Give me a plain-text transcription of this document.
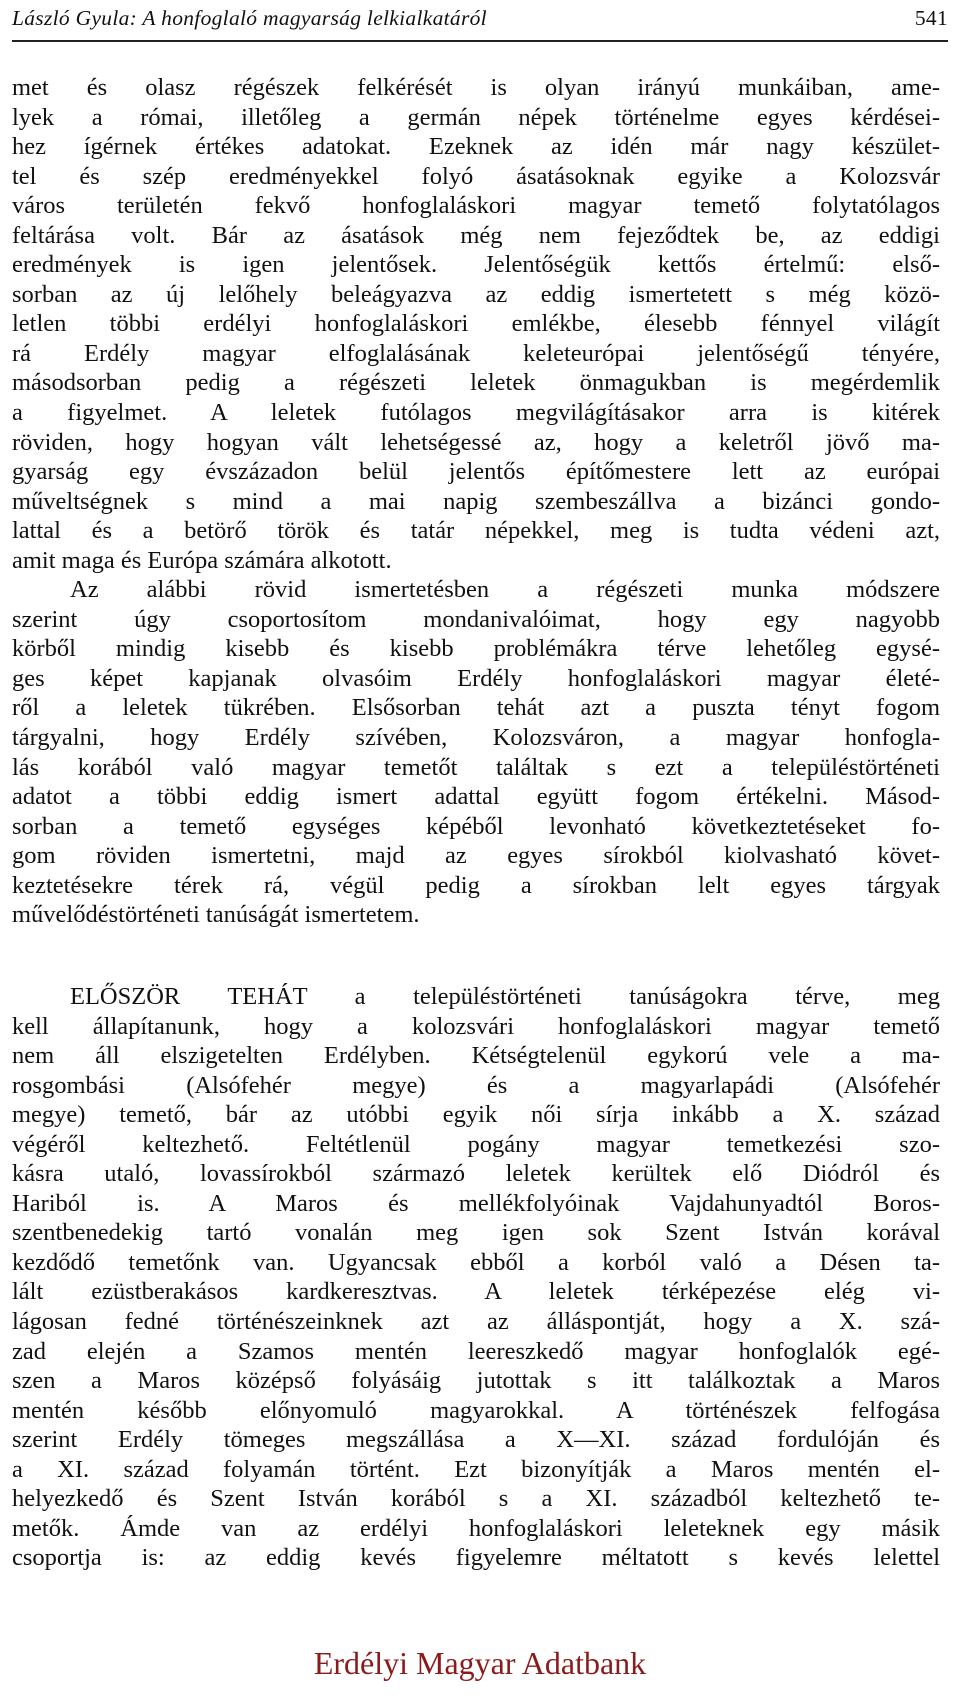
László Gyula: A honfoglaló magyarság lelkialkatáról	541
met és olasz régészek felkérését is olyan irányú munkáiban, ame-
lyek a római, illetőleg a germán népek történelme egyes kérdései-
hez ígérnek értékes adatokat. Ezeknek az idén már nagy készület-
tel és szép eredményekkel folyó ásatásoknak egyike a Kolozsvár
város területén fekvő honfoglaláskori magyar temető folytatólagos
feltárása volt. Bár az ásatások még nem fejeződtek be, az eddigi
eredmények is igen jelentősek. Jelentőségük kettős értelmű: első-
sorban az új lelőhely beleágyazva az eddig ismertetett s még közö-
letlen többi erdélyi honfoglaláskori emlékbe, élesebb fénnyel világít
rá Erdély magyar elfoglalásának keleteurópai jelentőségű tényére,
másodsorban pedig a régészeti leletek önmagukban is megérdemlik
a figyelmet. A leletek futólagos megvilágításakor arra is kitérek
röviden, hogy hogyan vált lehetségessé az, hogy a keletről jövő ma-
gyarság egy évszázadon belül jelentős építőmestere lett az európai
műveltségnek s mind a mai napig szembeszállva a bizánci gondo-
lattal és a betörő török és tatár népekkel, meg is tudta védeni azt,
amit maga és Európa számára alkotott.
Az alábbi rövid ismertetésben a régészeti munka módszere
szerint úgy csoportosítom mondanivalóimat, hogy egy nagyobb
körből mindig kisebb és kisebb problémákra térve lehetőleg egysé-
ges képet kapjanak olvasóim Erdély honfoglaláskori magyar életé-
ről a leletek tükrében. Elsősorban tehát azt a puszta tényt fogom
tárgyalni, hogy Erdély szívében, Kolozsváron, a magyar honfogla-
lás korából való magyar temetőt találtak s ezt a településtörténeti
adatot a többi eddig ismert adattal együtt fogom értékelni. Másod-
sorban a temető egységes képéből levonható következtetéseket fo-
gom röviden ismertetni, majd az egyes sírokból kiolvasható követ-
keztetésekre térek rá, végül pedig a sírokban lelt egyes tárgyak
művelődéstörténeti tanúságát ismertetem.
ELŐSZÖR TEHÁT a településtörténeti tanúságokra térve, meg
kell állapítanunk, hogy a kolozsvári honfoglaláskori magyar temető
nem áll elszigetelten Erdélyben. Kétségtelenül egykorú vele a ma-
rosgombási (Alsófehér megye) és a magyarlapádi (Alsófehér
megye) temető, bár az utóbbi egyik női sírja inkább a X. század
végéről keltezhető. Feltétlenül pogány magyar temetkezési szo-
kásra utaló, lovassírokból származó leletek kerültek elő Diódról és
Hariból is. A Maros és mellékfolyóinak Vajdahunyadtól Boros-
szentbenedekig tartó vonalán meg igen sok Szent István korával
kezdődő temetőnk van. Ugyancsak ebből a korból való a Désen ta-
lált ezüstberakásos kardkeresztvas. A leletek térképezése elég vi-
lágosan fedné történészeinknek azt az álláspontját, hogy a X. szá-
zad elején a Szamos mentén leereszkedő magyar honfoglalók egé-
szen a Maros középső folyásáig jutottak s itt találkoztak a Maros
mentén később előnyomuló magyarokkal. A történészek felfogása
szerint Erdély tömeges megszállása a X—XI. század fordulóján és
a XI. század folyamán történt. Ezt bizonyítják a Maros mentén el-
helyezkedő és Szent István korából s a XI. századból keltezhető te-
metők. Ámde van az erdélyi honfoglaláskori leleteknek egy másik
csoportja is: az eddig kevés figyelemre méltatott s kevés lelettel
Erdélyi Magyar Adatbank
